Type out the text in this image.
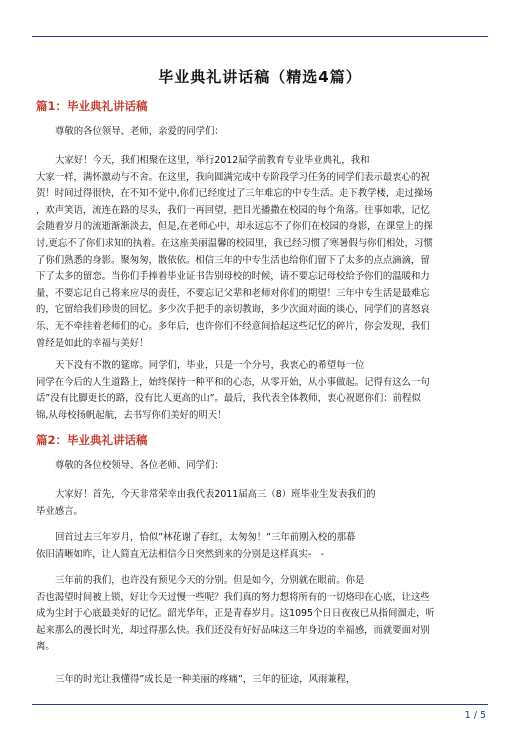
毕业典礼讲话稿（精选4篇）
篇1：毕业典礼讲话稿
尊敬的各位领导、老师，亲爱的同学们：
大家好！今天，我们相聚在这里，举行2012届学前教育专业毕业典礼，我和
大家一样，满怀激动与不舍。在这里，我向圆满完成中专阶段学习任务的同学们表示最衷心的祝
贺！时间过得很快，在不知不觉中,你们已经度过了三年难忘的中专生活。走下教学楼，走过操场
，欢声笑语，流连在路的尽头，我们一再回望，把目光播撒在校园的每个角落。往事如歌，记忆
会随着岁月的流逝渐渐淡去，但是,在老师心中，却永远忘不了你们在校园的身影，在课堂上的探
讨,更忘不了你们求知的执着。在这座美丽温馨的校园里，我已经习惯了寒暑假与你们相处，习惯
了你们熟悉的身影。聚匆匆，散依依。相信三年的中专生活也给你们留下了太多的点点滴滴，留
下了太多的留恋。当你们手捧着毕业证书告别母校的时候，请不要忘记母校给予你们的温暖和力
量，不要忘记自己将来应尽的责任，不要忘记父辈和老师对你们的期望！三年中专生活是最难忘
的，它留给我们珍贵的回忆。多少次手把手的亲切教诲，多少次面对面的谈心，同学们的喜怒哀
乐、无不牵挂着老师们的心。多年后，也许你们不经意间拾起这些记忆的碎片，你会发现，我们
曾经是如此的幸福与美好！
天下没有不散的筵席。同学们，毕业，只是一个分号，我衷心的希望每一位
同学在今后的人生道路上，始终保持一种平和的心态，从零开始，从小事做起。记得有这么一句
话”没有比脚更长的路，没有比人更高的山”。最后，我代表全体教师，衷心祝愿你们：前程似
锦,从母校扬帆起航，去书写你们美好的明天！
篇2：毕业典礼讲话稿
尊敬的各位校领导、各位老师、同学们：
大家好！首先，今天非常荣幸由我代表2011届高三（8）班毕业生发表我们的
毕业感言。
回首过去三年岁月，恰似”林花谢了春红，太匆匆！”三年前刚入校的那幕
依旧清晰如昨，让人简直无法相信今日突然到来的分别是这样真实-　-
三年前的我们，也许没有预见今天的分别。但是如今，分别就在眼前。你是
否也渴望时间被上锁，好让今天过慢一些呢？我们真的努力想将所有的一切烙印在心底，让这些
成为尘封于心底最美好的记忆。韶光华年，正是青春岁月。这1095个日日夜夜已从指间溜走，听
起来那么的漫长时光，却过得那么快。我们还没有好好品味这三年身边的幸福感，而就要面对别
离。
三年的时光让我懂得”成长是一种美丽的疼痛”，三年的征途，风雨兼程，
1 / 5
